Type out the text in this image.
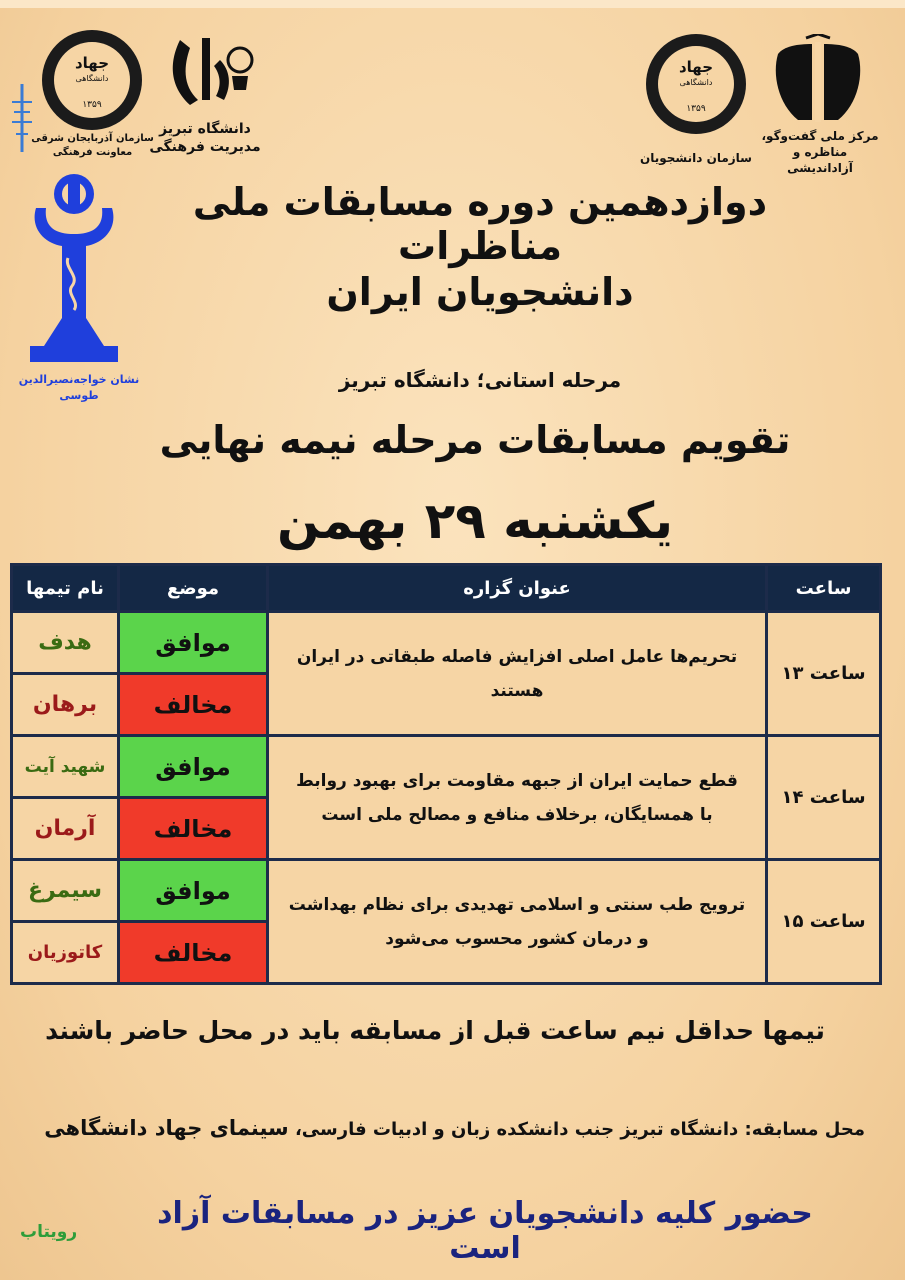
جهاد
دانشگاهی
۱۳۵۹
سازمان آذربایجان شرقی
معاونت فرهنگی
دانشگاه تبریز
مدیریت فرهنگی
جهاد
دانشگاهی
۱۳۵۹
سازمان دانشجویان
مرکز ملی گفت‌وگو،
مناظره و آزاداندیشی
نشان خواجه‌نصیرالدین طوسی
دوازدهمین دوره مسابقات ملی مناظرات
دانشجویان ایران
مرحله استانی؛ دانشگاه تبریز
تقویم مسابقات مرحله نیمه نهایی
یکشنبه ۲۹ بهمن
ساعت	عنوان گزاره	موضع	نام تیمها
ساعت ۱۳	تحریم‌ها عامل اصلی افزایش فاصله طبقاتی در ایران هستند	موافق	هدف
		مخالف	برهان
ساعت ۱۴	قطع حمایت ایران از جبهه مقاومت برای بهبود روابط با همسایگان، برخلاف منافع و مصالح ملی است	موافق	شهید آیت
		مخالف	آرمان
ساعت ۱۵	ترویج طب سنتی و اسلامی تهدیدی برای نظام بهداشت و درمان کشور محسوب می‌شود	موافق	سیمرغ
		مخالف	کاتوزیان
تیمها حداقل نیم ساعت قبل از مسابقه باید در محل حاضر باشند
محل مسابقه: دانشگاه تبریز جنب دانشکده زبان و ادبیات فارسی، سینمای جهاد دانشگاهی
حضور کلیه دانشجویان عزیز در مسابقات آزاد است
رویتاب
